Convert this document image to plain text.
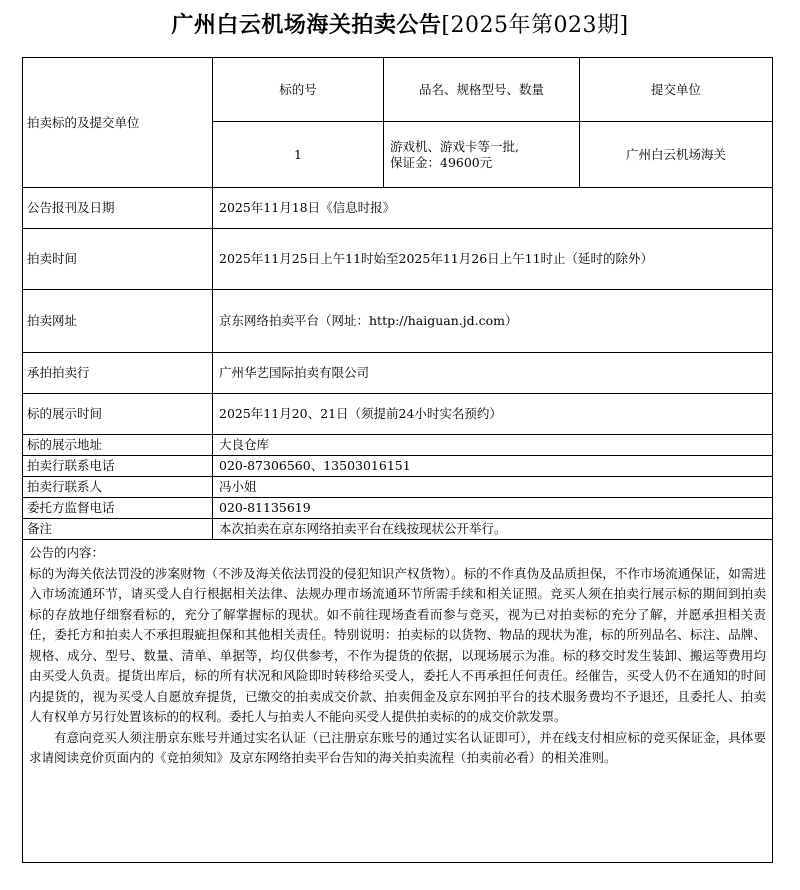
广州白云机场海关拍卖公告[2025年第023期]
拍卖标的及提交单位	标的号	品名、规格型号、数量	提交单位
	1	游戏机、游戏卡等一批,
保证金：49600元	广州白云机场海关
公告报刊及日期	2025年11月18日《信息时报》		
拍卖时间	2025年11月25日上午11时始至2025年11月26日上午11时止（延时的除外）		
拍卖网址	京东网络拍卖平台（网址：http://haiguan.jd.com）		
承拍拍卖行	广州华艺国际拍卖有限公司		
标的展示时间	2025年11月20、21日（须提前24小时实名预约）		
标的展示地址	大良仓库		
拍卖行联系电话	020-87306560、13503016151		
拍卖行联系人	冯小姐		
委托方监督电话	020-81135619		
备注	本次拍卖在京东网络拍卖平台在线按现状公开举行。		

公告的内容：

标的为海关依法罚没的涉案财物（不涉及海关依法罚没的侵犯知识产权货物）。标的不作真伪及品质担保，不作市场流通保证，如需进入市场流通环节，请买受人自行根据相关法律、法规办理市场流通环节所需手续和相关证照。竞买人须在拍卖行展示标的期间到拍卖标的存放地仔细察看标的，充分了解掌握标的现状。如不前往现场查看而参与竞买，视为已对拍卖标的充分了解，并愿承担相关责任，委托方和拍卖人不承担瑕疵担保和其他相关责任。特别说明：拍卖标的以货物、物品的现状为准，标的所列品名、标注、品牌、规格、成分、型号、数量、清单、单据等，均仅供参考，不作为提货的依据，以现场展示为准。标的移交时发生装卸、搬运等费用均由买受人负责。提货出库后，标的所有状况和风险即时转移给买受人，委托人不再承担任何责任。经催告，买受人仍不在通知的时间内提货的，视为买受人自愿放弃提货，已缴交的拍卖成交价款、拍卖佣金及京东网拍平台的技术服务费均不予退还，且委托人、拍卖人有权单方另行处置该标的的权利。委托人与拍卖人不能向买受人提供拍卖标的的成交价款发票。

有意向竞买人须注册京东账号并通过实名认证（已注册京东账号的通过实名认证即可），并在线支付相应标的竞买保证金，具体要求请阅读竞价页面内的《竞拍须知》及京东网络拍卖平台告知的海关拍卖流程（拍卖前必看）的相关准则。			
